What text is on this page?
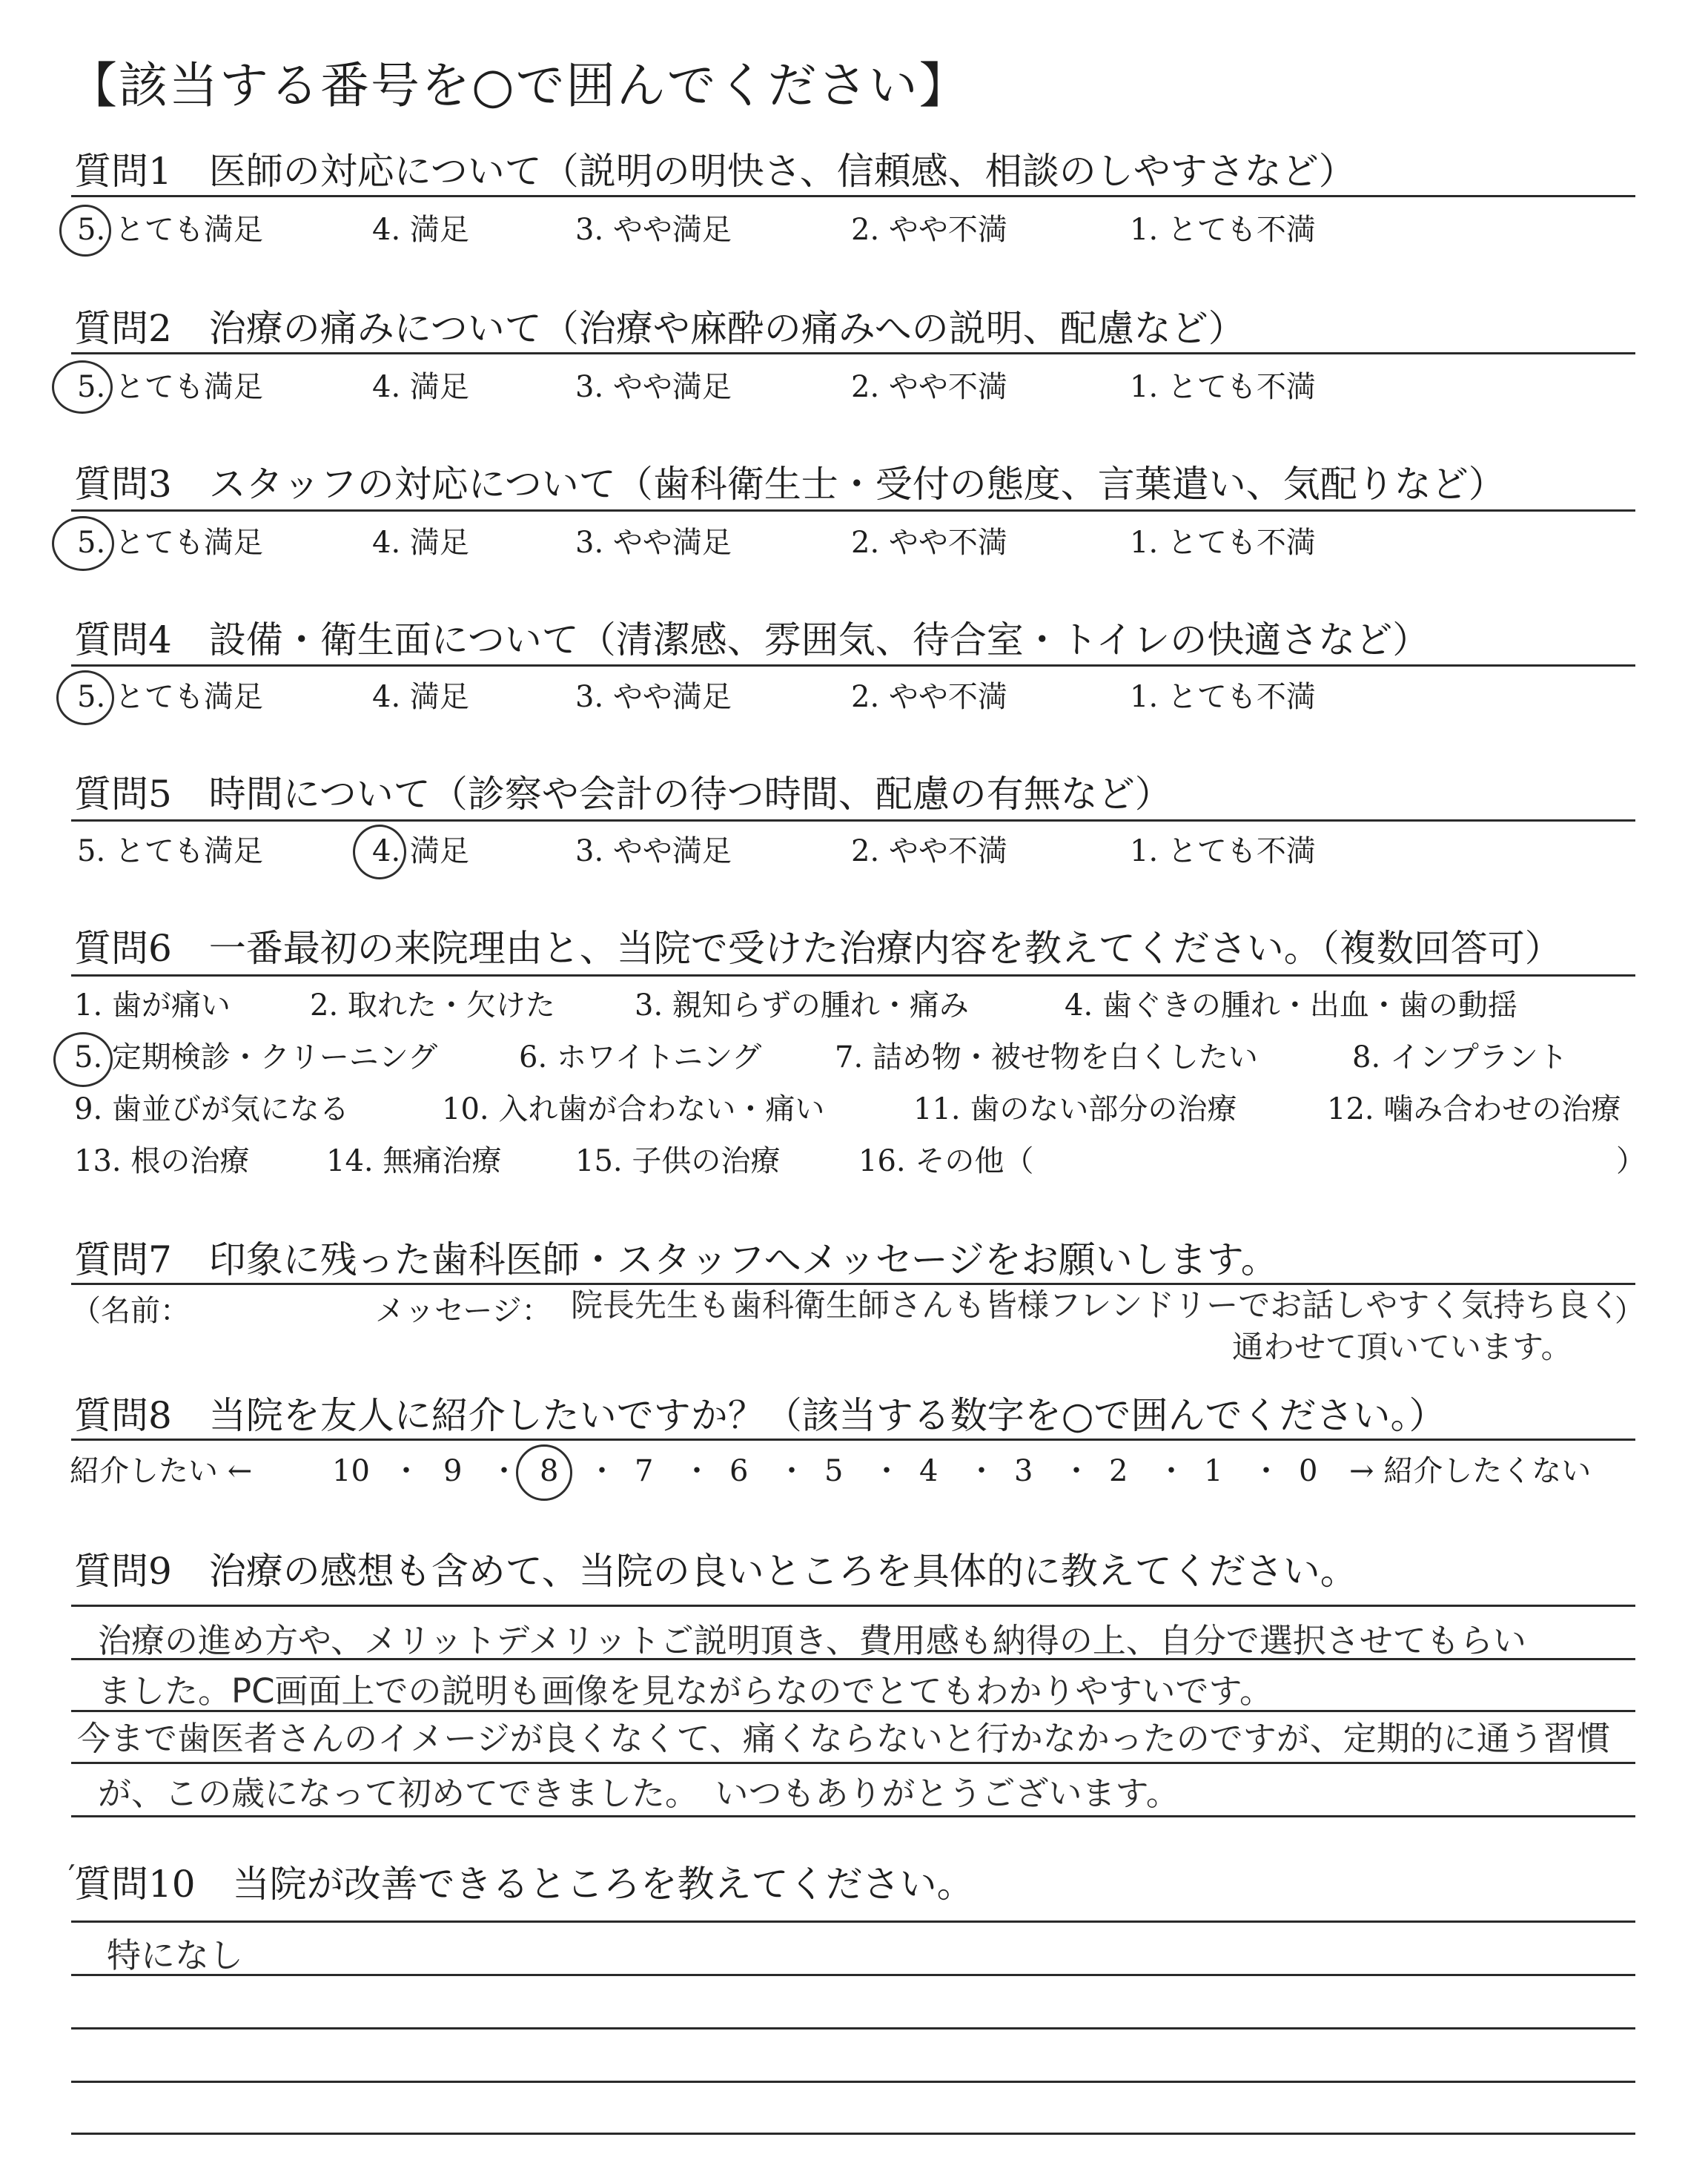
【該当する番号を○で囲んでください】
質問1　医師の対応について（説明の明快さ、信頼感、相談のしやすさなど）
5. とても満足	4. 満足	3. やや満足	2. やや不満	1. とても不満
質問2　治療の痛みについて（治療や麻酔の痛みへの説明、配慮など）
5. とても満足	4. 満足	3. やや満足	2. やや不満	1. とても不満
質問3　スタッフの対応について（歯科衛生士・受付の態度、言葉遣い、気配りなど）
5. とても満足	4. 満足	3. やや満足	2. やや不満	1. とても不満
質問4　設備・衛生面について（清潔感、雰囲気、待合室・トイレの快適さなど）
5. とても満足	4. 満足	3. やや満足	2. やや不満	1. とても不満
質問5　時間について（診察や会計の待つ時間、配慮の有無など）
5. とても満足	4. 満足	3. やや満足	2. やや不満	1. とても不満
質問6　一番最初の来院理由と、当院で受けた治療内容を教えてください。（複数回答可）
1. 歯が痛い	2. 取れた・欠けた	3. 親知らずの腫れ・痛み	4. 歯ぐきの腫れ・出血・歯の動揺
5. 定期検診・クリーニング	6. ホワイトニング 7. 詰め物・被せ物を白くしたい	8. インプラント
9. 歯並びが気になる	10. 入れ歯が合わない・痛い	11. 歯のない部分の治療	12. 噛み合わせの治療
13. 根の治療	14. 無痛治療 15. 子供の治療	16. その他（	）
質問7　印象に残った歯科医師・スタッフへメッセージをお願いします。
（名前：	メッセージ： 院長先生も歯科衛生師さんも皆様フレンドリーでお話しやすく気持ち良く
通わせて頂いています。
）
質問8　当院を友人に紹介したいですか？（該当する数字を○で囲んでください。）
紹介したい ←	10 ・ 9 ・ 8 ・ 7 ・ 6 ・ 5 ・ 4 ・ 3 ・ 2 ・ 1 ・ 0 → 紹介したくない
質問9　治療の感想も含めて、当院の良いところを具体的に教えてください。
治療の進め方や、メリットデメリットご説明頂き、費用感も納得の上、自分で選択させてもらい
ました。PC画面上での説明も画像を見ながらなのでとてもわかりやすいです。
今まで歯医者さんのイメージが良くなくて、痛くならないと行かなかったのですが、定期的に通う習慣
が、この歳になって初めてできました。　いつもありがとうございます。
′
質問10　当院が改善できるところを教えてください。
特になし
